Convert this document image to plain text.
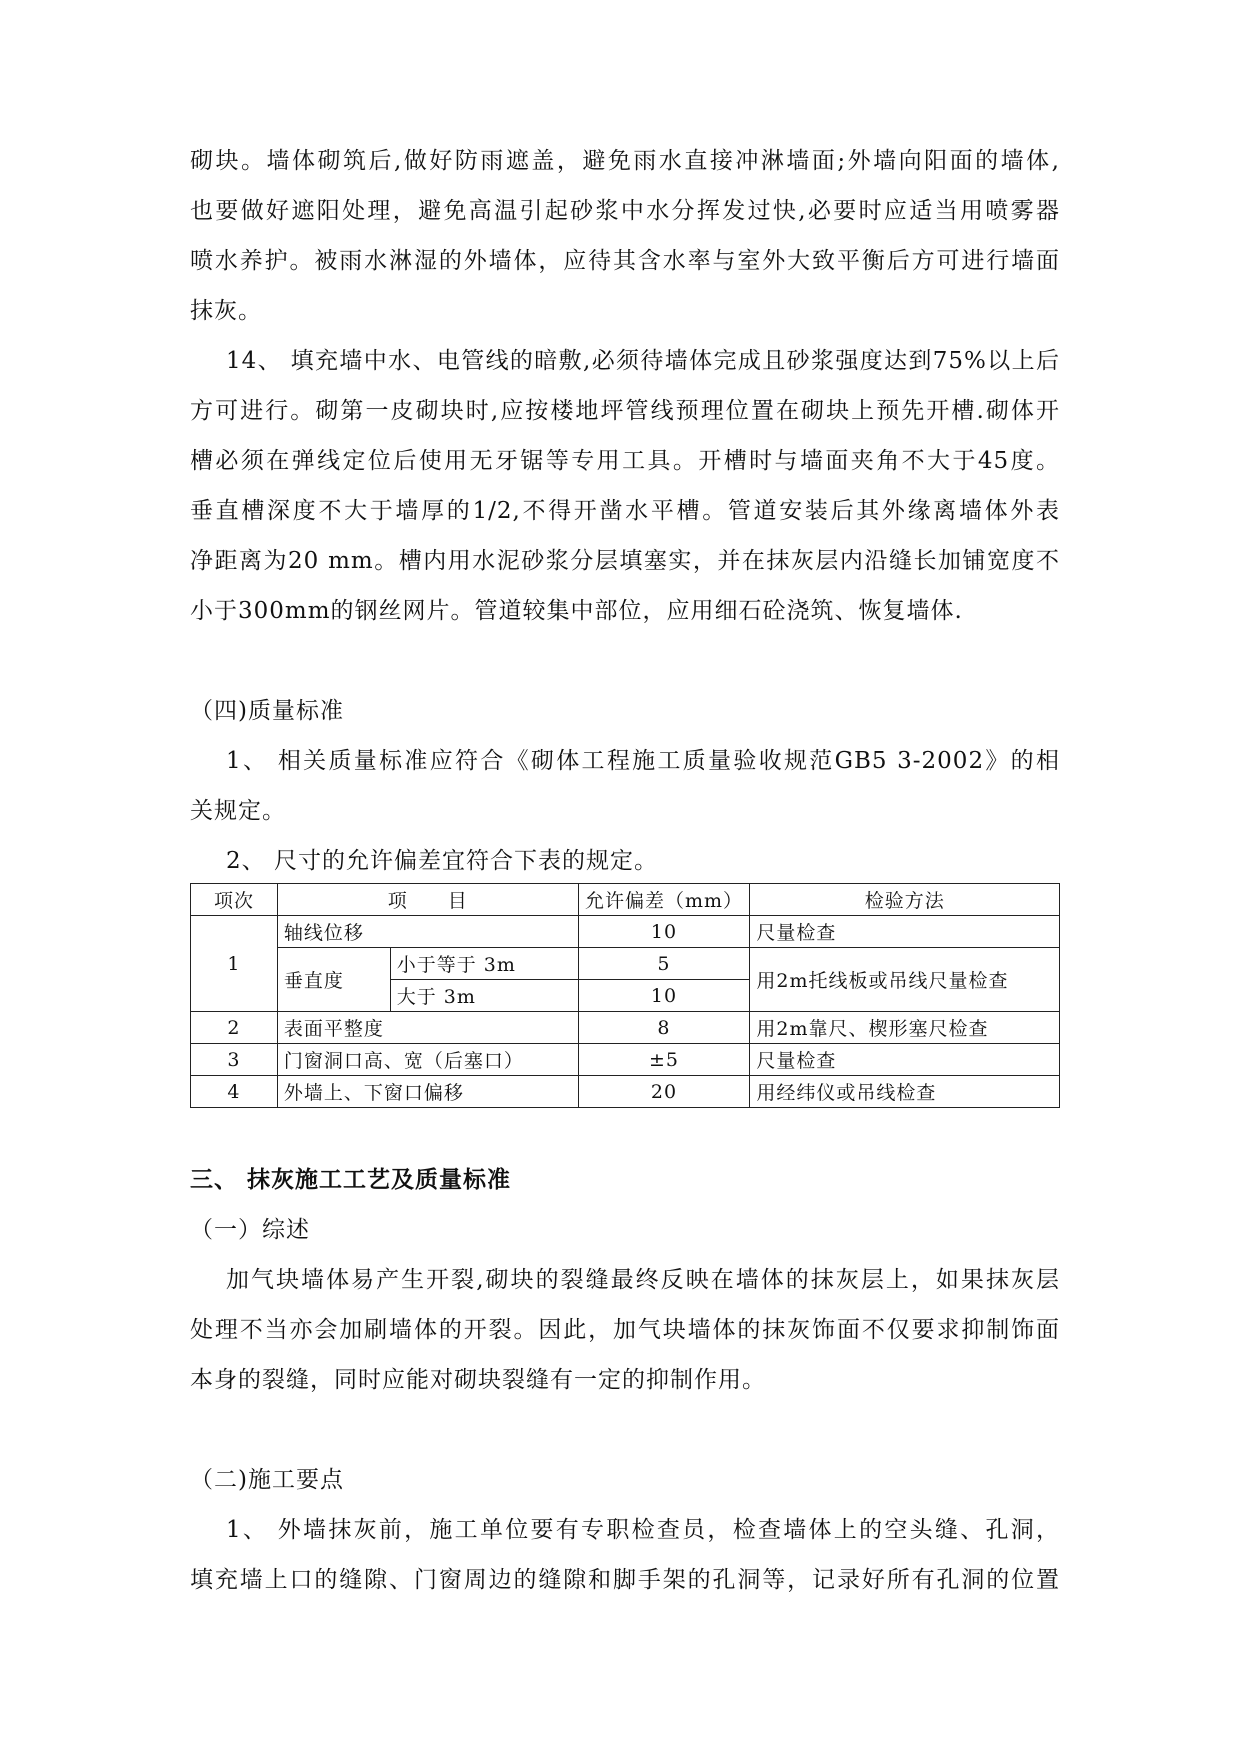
砌块。墙体砌筑后,做好防雨遮盖，避免雨水直接冲淋墙面;外墙向阳面的墙体,

也要做好遮阳处理，避免高温引起砂浆中水分挥发过快,必要时应适当用喷雾器

喷水养护。被雨水淋湿的外墙体，应待其含水率与室外大致平衡后方可进行墙面

抹灰。

14、 填充墙中水、电管线的暗敷,必须待墙体完成且砂浆强度达到75%以上后

方可进行。砌第一皮砌块时,应按楼地坪管线预理位置在砌块上预先开槽.砌体开

槽必须在弹线定位后使用无牙锯等专用工具。开槽时与墙面夹角不大于45度。

垂直槽深度不大于墙厚的1/2,不得开凿水平槽。管道安装后其外缘离墙体外表

净距离为20 mm。槽内用水泥砂浆分层填塞实，并在抹灰层内沿缝长加铺宽度不

小于300mm的钢丝网片。管道较集中部位，应用细石砼浇筑、恢复墙体.

（四)质量标准

1、 相关质量标准应符合《砌体工程施工质量验收规范GB5 3-2002》的相

关规定。

2、 尺寸的允许偏差宜符合下表的规定。

项次	项　　目		允许偏差（mm）	检验方法
1	轴线位移		10	尺量检查
	垂直度	小于等于 3m	5	用2m托线板或吊线尺量检查
		大于 3m	10	
2	表面平整度		8	用2m靠尺、楔形塞尺检查
3	门窗洞口高、宽（后塞口）		±5	尺量检查
4	外墙上、下窗口偏移		20	用经纬仪或吊线检查

三、 抹灰施工工艺及质量标准

（一）综述

加气块墙体易产生开裂,砌块的裂缝最终反映在墙体的抹灰层上，如果抹灰层

处理不当亦会加刷墙体的开裂。因此，加气块墙体的抹灰饰面不仅要求抑制饰面

本身的裂缝，同时应能对砌块裂缝有一定的抑制作用。

（二)施工要点

1、 外墙抹灰前，施工单位要有专职检查员，检查墙体上的空头缝、孔洞，

填充墙上口的缝隙、门窗周边的缝隙和脚手架的孔洞等，记录好所有孔洞的位置
